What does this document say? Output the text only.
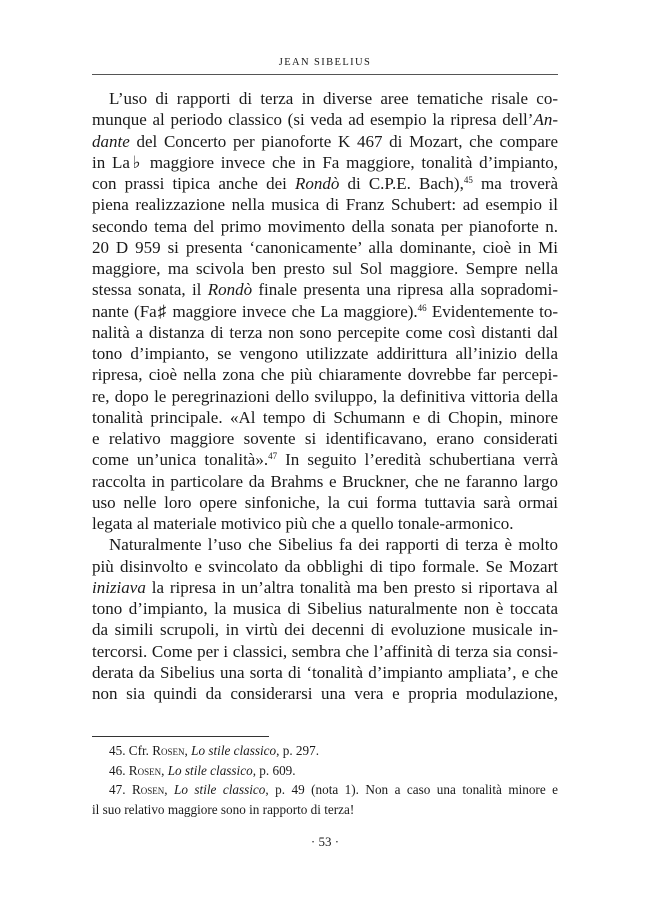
JEAN SIBELIUS
L’uso di rapporti di terza in diverse aree tematiche risale co-
munque al periodo classico (si veda ad esempio la ripresa dell’An-
dante del Concerto per pianoforte K 467 di Mozart, che compare
in La♭ maggiore invece che in Fa maggiore, tonalità d’impianto,
con prassi tipica anche dei Rondò di C.P.E. Bach),$^{45}$ ma troverà
piena realizzazione nella musica di Franz Schubert: ad esempio il
secondo tema del primo movimento della sonata per pianoforte n.
20 D 959 si presenta ‘canonicamente’ alla dominante, cioè in Mi
maggiore, ma scivola ben presto sul Sol maggiore. Sempre nella
stessa sonata, il Rondò finale presenta una ripresa alla sopradomi-
nante (Fa♯ maggiore invece che La maggiore).$^{46}$ Evidentemente to-
nalità a distanza di terza non sono percepite come così distanti dal
tono d’impianto, se vengono utilizzate addirittura all’inizio della
ripresa, cioè nella zona che più chiaramente dovrebbe far percepi-
re, dopo le peregrinazioni dello sviluppo, la definitiva vittoria della
tonalità principale. «Al tempo di Schumann e di Chopin, minore
e relativo maggiore sovente si identificavano, erano considerati
come un’unica tonalità».$^{47}$ In seguito l’eredità schubertiana verrà
raccolta in particolare da Brahms e Bruckner, che ne faranno largo
uso nelle loro opere sinfoniche, la cui forma tuttavia sarà ormai
legata al materiale motivico più che a quello tonale-armonico.
Naturalmente l’uso che Sibelius fa dei rapporti di terza è molto
più disinvolto e svincolato da obblighi di tipo formale. Se Mozart
iniziava la ripresa in un’altra tonalità ma ben presto si riportava al
tono d’impianto, la musica di Sibelius naturalmente non è toccata
da simili scrupoli, in virtù dei decenni di evoluzione musicale in-
tercorsi. Come per i classici, sembra che l’affinità di terza sia consi-
derata da Sibelius una sorta di ‘tonalità d’impianto ampliata’, e che
non sia quindi da considerarsi una vera e propria modulazione,
45. Cfr. Rosen, Lo stile classico, p. 297.
46. Rosen, Lo stile classico, p. 609.
47. Rosen, Lo stile classico, p. 49 (nota 1). Non a caso una tonalità minore e
il suo relativo maggiore sono in rapporto di terza!
· 53 ·
